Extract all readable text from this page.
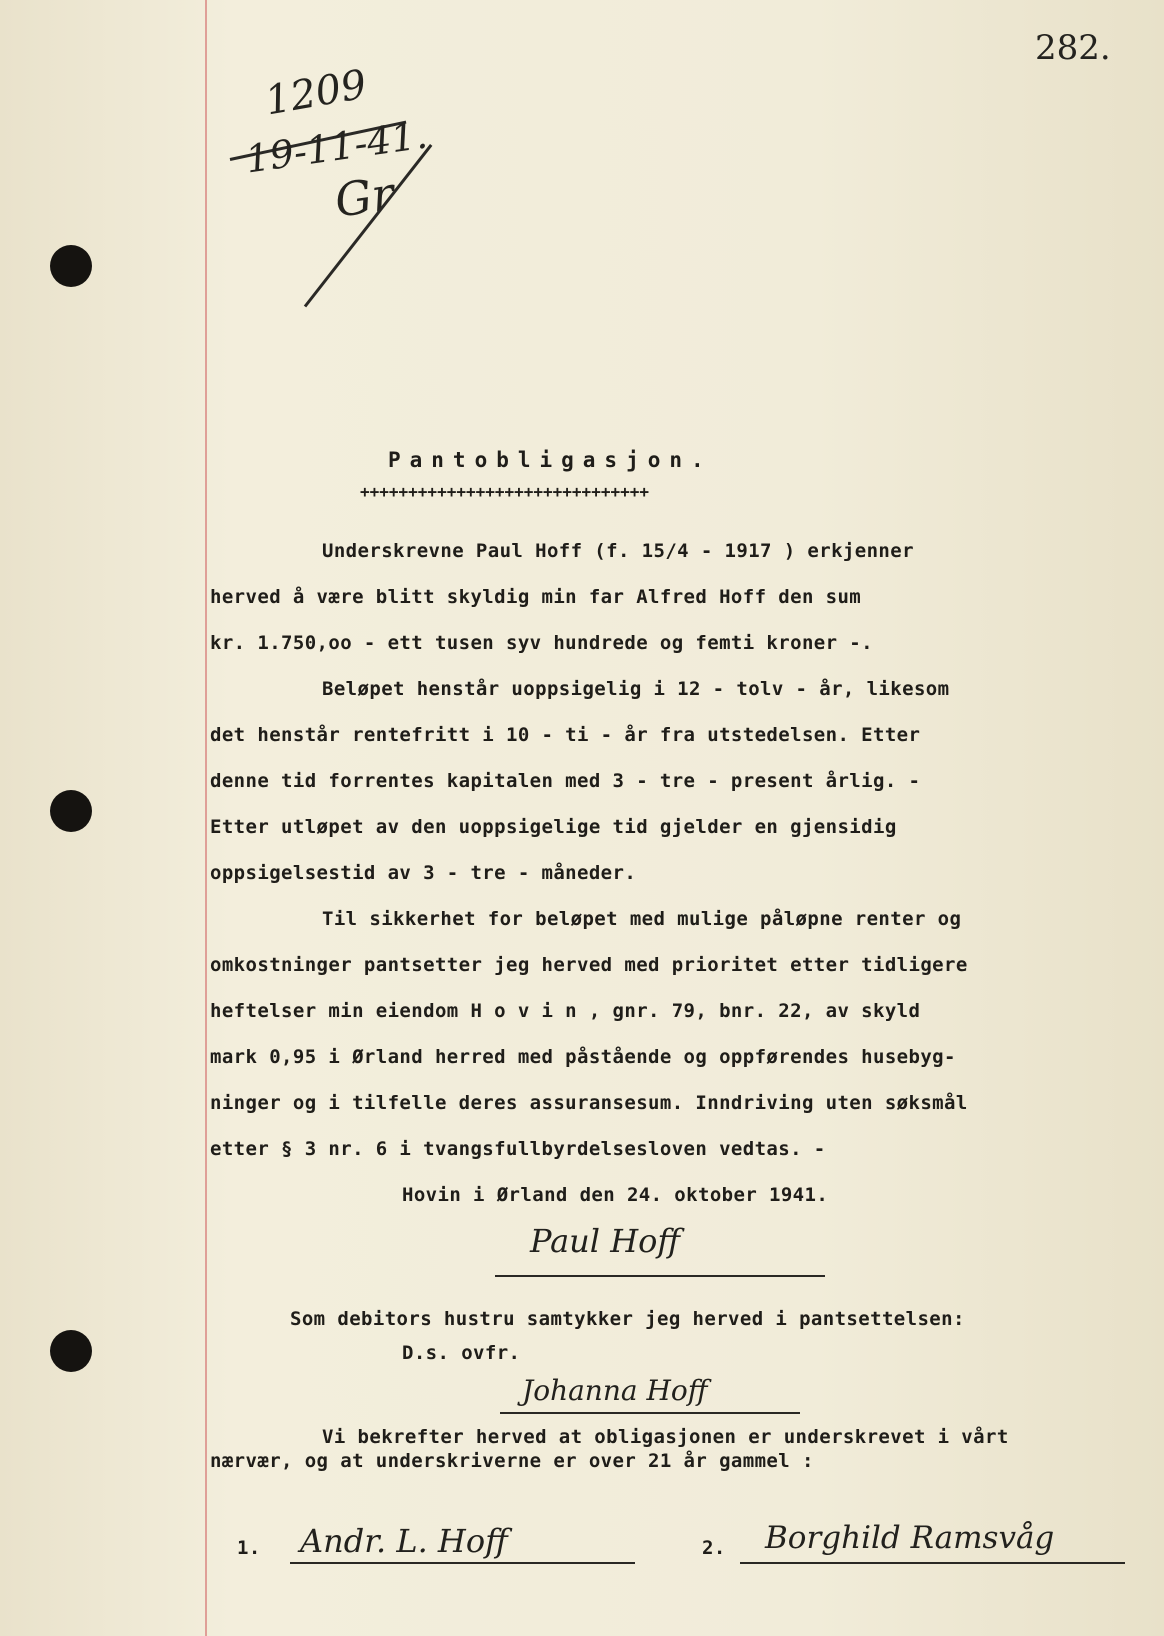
282.
1209
19-11-41.
Gr
Pantobligasjon.
++++++++++++++++++++++++++++++
Underskrevne Paul Hoff (f. 15/4 - 1917 ) erkjenner
herved å være blitt skyldig min far Alfred Hoff den sum
kr. 1.750,oo - ett tusen syv hundrede og femti kroner -.
Beløpet henstår uoppsigelig i 12 - tolv - år, likesom
det henstår rentefritt i 10 - ti - år fra utstedelsen. Etter
denne tid forrentes kapitalen med 3 - tre - present årlig. -
Etter utløpet av den uoppsigelige tid gjelder en gjensidig
oppsigelsestid av 3 - tre - måneder.
Til sikkerhet for beløpet med mulige påløpne renter og
omkostninger pantsetter jeg herved med prioritet etter tidligere
heftelser min eiendom H o v i n , gnr. 79, bnr. 22, av skyld
mark 0,95 i Ørland herred med påstående og oppførendes husebyg-
ninger og i tilfelle deres assuransesum. Inndriving uten søksmål
etter § 3 nr. 6 i tvangsfullbyrdelsesloven vedtas. -
Hovin i Ørland den 24. oktober 1941.
Paul Hoff
Som debitors hustru samtykker jeg herved i pantsettelsen:
D.s. ovfr.
Johanna Hoff
Vi bekrefter herved at obligasjonen er underskrevet i vårt
nærvær, og at underskriverne er over 21 år gammel :
1. Andr. L. Hoff	2. Borghild Ramsvåg
